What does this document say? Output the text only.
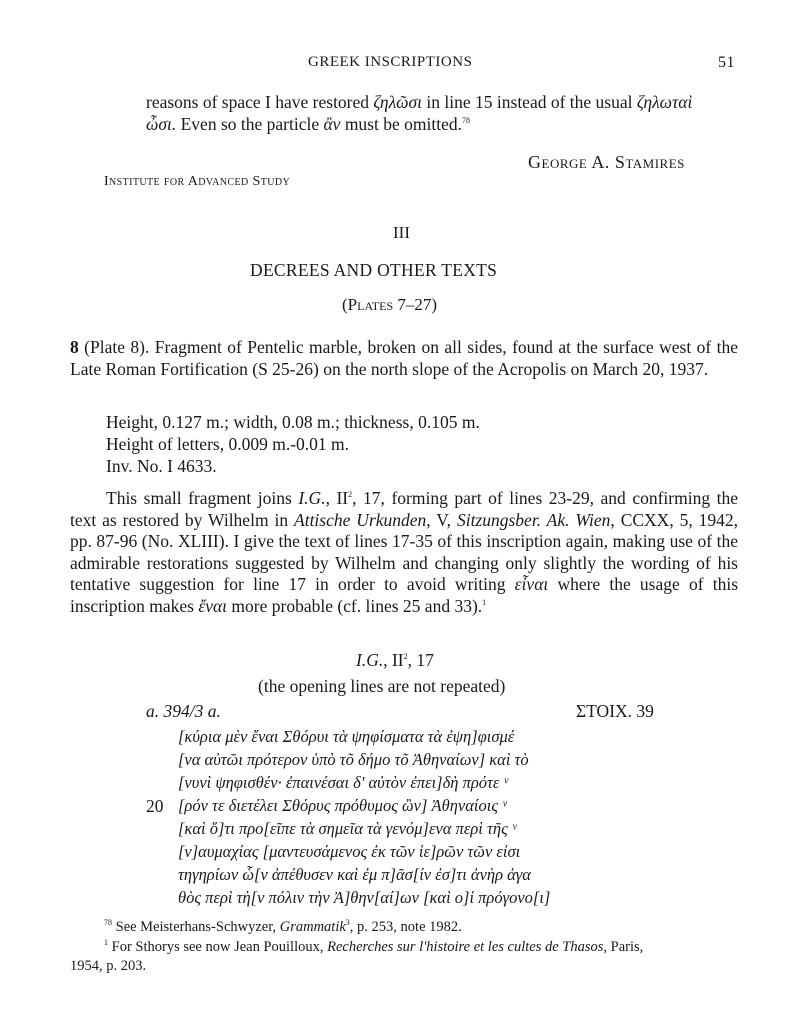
GREEK INSCRIPTIONS	51
reasons of space I have restored ζηλῶσι in line 15 instead of the usual ζηλωταὶ
ὦσι. Even so the particle ἂν must be omitted.$^{78}$
George A. Stamires
Institute for Advanced Study
III
DECREES AND OTHER TEXTS
(Plates 7–27)
8 (Plate 8). Fragment of Pentelic marble, broken on all sides, found at the surface west of the Late Roman Fortification (S 25-26) on the north slope of the Acropolis on March 20, 1937.
Height, 0.127 m.; width, 0.08 m.; thickness, 0.105 m.
Height of letters, 0.009 m.-0.01 m.
Inv. No. I 4633.
This small fragment joins I.G., $II^2$, 17, forming part of lines 23-29, and confirming the text as restored by Wilhelm in Attische Urkunden, V, Sitzungsber. Ak. Wien, CCXX, 5, 1942, pp. 87-96 (No. XLIII). I give the text of lines 17-35 of this inscription again, making use of the admirable restorations suggested by Wilhelm and changing only slightly the wording of his tentative suggestion for line 17 in order to avoid writing εἶναι where the usage of this inscription makes ἔναι more probable (cf. lines 25 and 33).$^1$
I.G., $II^2$, 17
(the opening lines are not repeated)
a. 394/3 a.	ΣΤΟΙΧ. 39
[κύρια μὲν ἔναι Σθόρυι τὰ ψηφίσματα τὰ ἐψη]φισμέ
[να αὐτῶι πρότερον ὑπὸ τõ δήμο τõ Ἀθηναίων] καὶ τὸ
[νυνὶ ψηφισθέν· ἐπαινέσαι δ' αὐτὸν ἐπει]δὴ πρότε ᵛ
20 [ρόν τε διετέλει Σθόρυς πρόθυμος ὢν] Ἀθηναίοις ᵛ
[καὶ ὅ]τι προ[εῖπε τὰ σημεῖα τὰ γενόμ]ενα περὶ τῆς ᵛ
[ν]αυμαχίας [μαντευσάμενος ἐκ τῶν ἱε]ρῶν τῶν εἰσι
τηγηρίων ὧ[ν ἀπέθυσεν καὶ ἐμ π]ᾶσ[ίν ἐσ]τι ἀνὴρ ἀγα
θὸς περὶ τὴ[ν πόλιν τὴν Ἀ]θην[αί]ων [καὶ ο]ἱ πρόγονο[ι]
$^{78}$ See Meisterhans-Schwyzer, Grammatik$^3$, p. 253, note 1982.
$^1$ For Sthorys see now Jean Pouilloux, Recherches sur l'histoire et les cultes de Thasos, Paris,
1954, p. 203.
